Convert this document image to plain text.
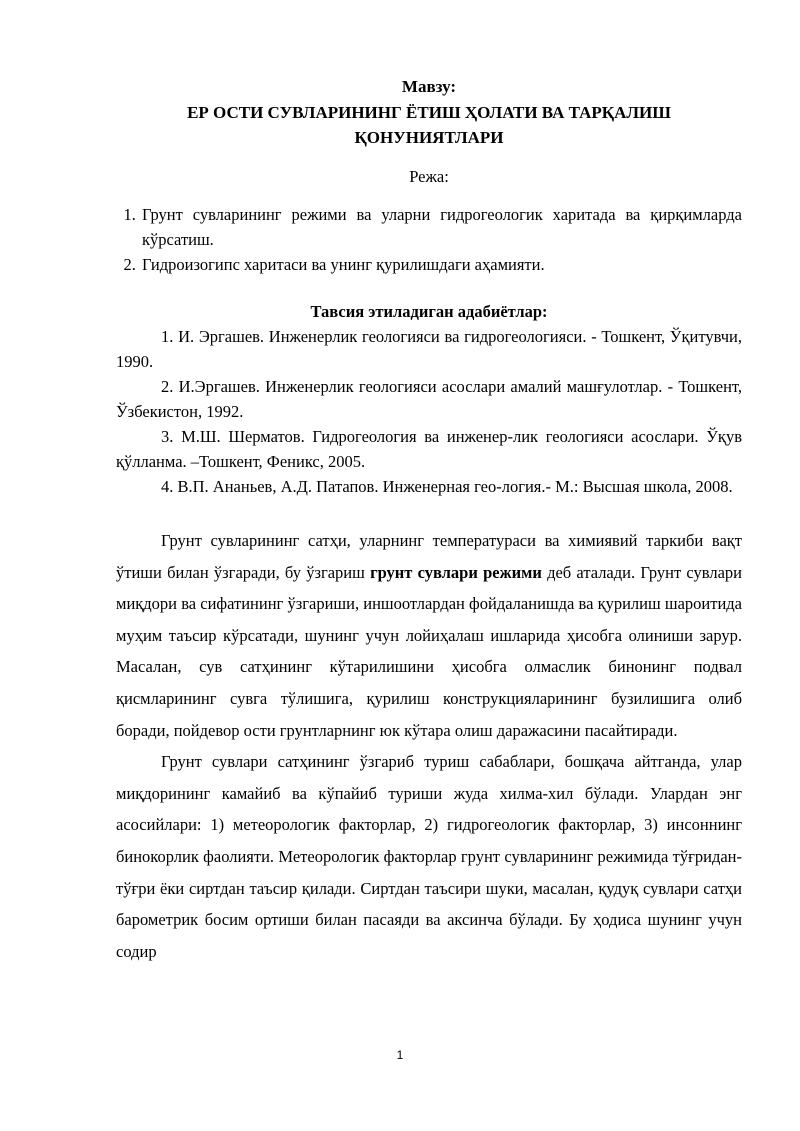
Мавзу:
ЕР ОСТИ СУВЛАРИНИНГ ЁТИШ ҲОЛАТИ ВА ТАРҚАЛИШ
ҚОНУНИЯТЛАРИ
Режа:
1. Грунт сувларининг режими ва уларни гидрогеологик харитада ва қирқимларда кўрсатиш.
2. Гидроизогипс харитаси ва унинг қурилишдаги аҳамияти.
Тавсия этиладиган адабиётлар:

1. И. Эргашев. Инженерлик геологияси ва гидрогеологияси. - Тошкент, Ўқитувчи, 1990.

2. И.Эргашев. Инженерлик геологияси асослари амалий машғулотлар. - Тошкент, Ўзбекистон, 1992.

3. М.Ш. Шерматов. Гидрогеология ва инженер-лик геологияси асослари. Ўқув қўлланма. –Тошкент, Феникс, 2005.

4. В.П. Ананьев, А.Д. Патапов. Инженерная гео-логия.- М.: Высшая школа, 2008.

Грунт сувларининг сатҳи, уларнинг температураси ва химиявий таркиби вақт ўтиши билан ўзгаради, бу ўзгариш грунт сувлари режими деб аталади. Грунт сувлари миқдори ва сифатининг ўзгариши, иншоотлардан фойдаланишда ва қурилиш шароитида муҳим таъсир кўрсатади, шунинг учун лойиҳалаш ишларида ҳисобга олиниши зарур. Масалан, сув сатҳининг кўтарилишини ҳисобга олмаслик бинонинг подвал қисмларининг сувга тўлишига, қурилиш конструкцияларининг бузилишига олиб боради, пойдевор ости грунтларнинг юк кўтара олиш даражасини пасайтиради.

Грунт сувлари сатҳининг ўзгариб туриш сабаблари, бошқача айтганда, улар миқдорининг камайиб ва кўпайиб туриши жуда хилма-хил бўлади. Улардан энг асосийлари: 1) метеорологик факторлар, 2) гидрогеологик факторлар, 3) инсоннинг бинокорлик фаолияти. Метеорологик факторлар грунт сувларининг режимида тўғридан-тўғри ёки сиртдан таъсир қилади. Сиртдан таъсири шуки, масалан, қудуқ сувлари сатҳи барометрик босим ортиши билан пасаяди ва аксинча бўлади. Бу ҳодиса шунинг учун содир

1
